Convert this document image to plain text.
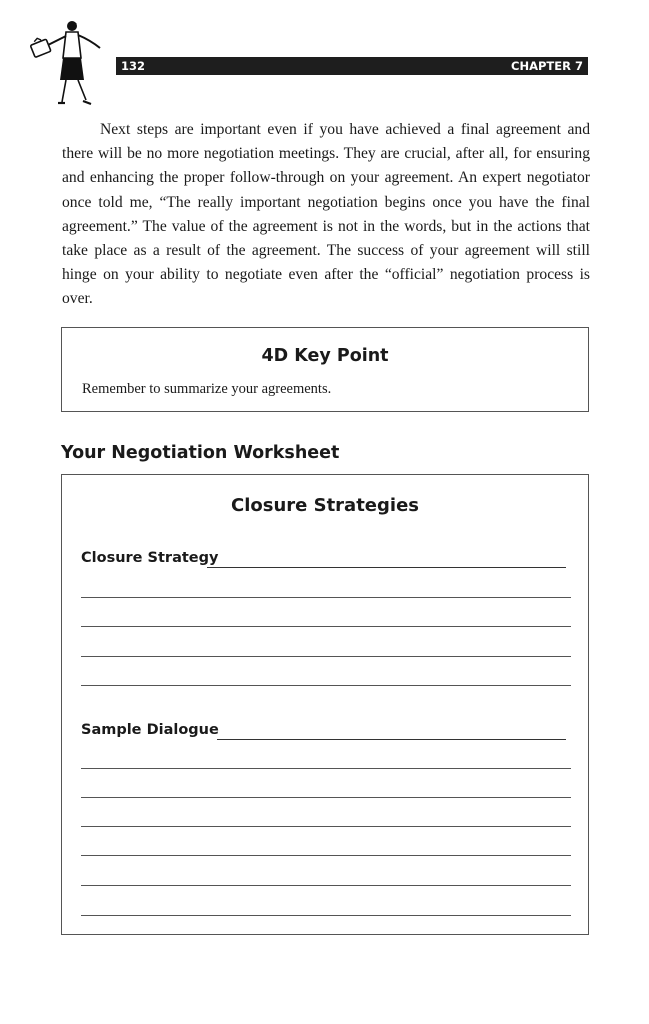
132	CHAPTER 7

Next steps are important even if you have achieved a final agreement and there will be no more negotiation meetings. They are crucial, after all, for ensuring and enhancing the proper follow-through on your agreement. An expert negotiator once told me, “The really important negotiation begins once you have the final agreement.” The value of the agreement is not in the words, but in the actions that take place as a result of the agreement. The success of your agreement will still hinge on your ability to negotiate even after the “official” negotiation process is over.

4D Key Point
Remember to summarize your agreements.
Your Negotiation Worksheet
Closure Strategies
Closure Strategy
Sample Dialogue
